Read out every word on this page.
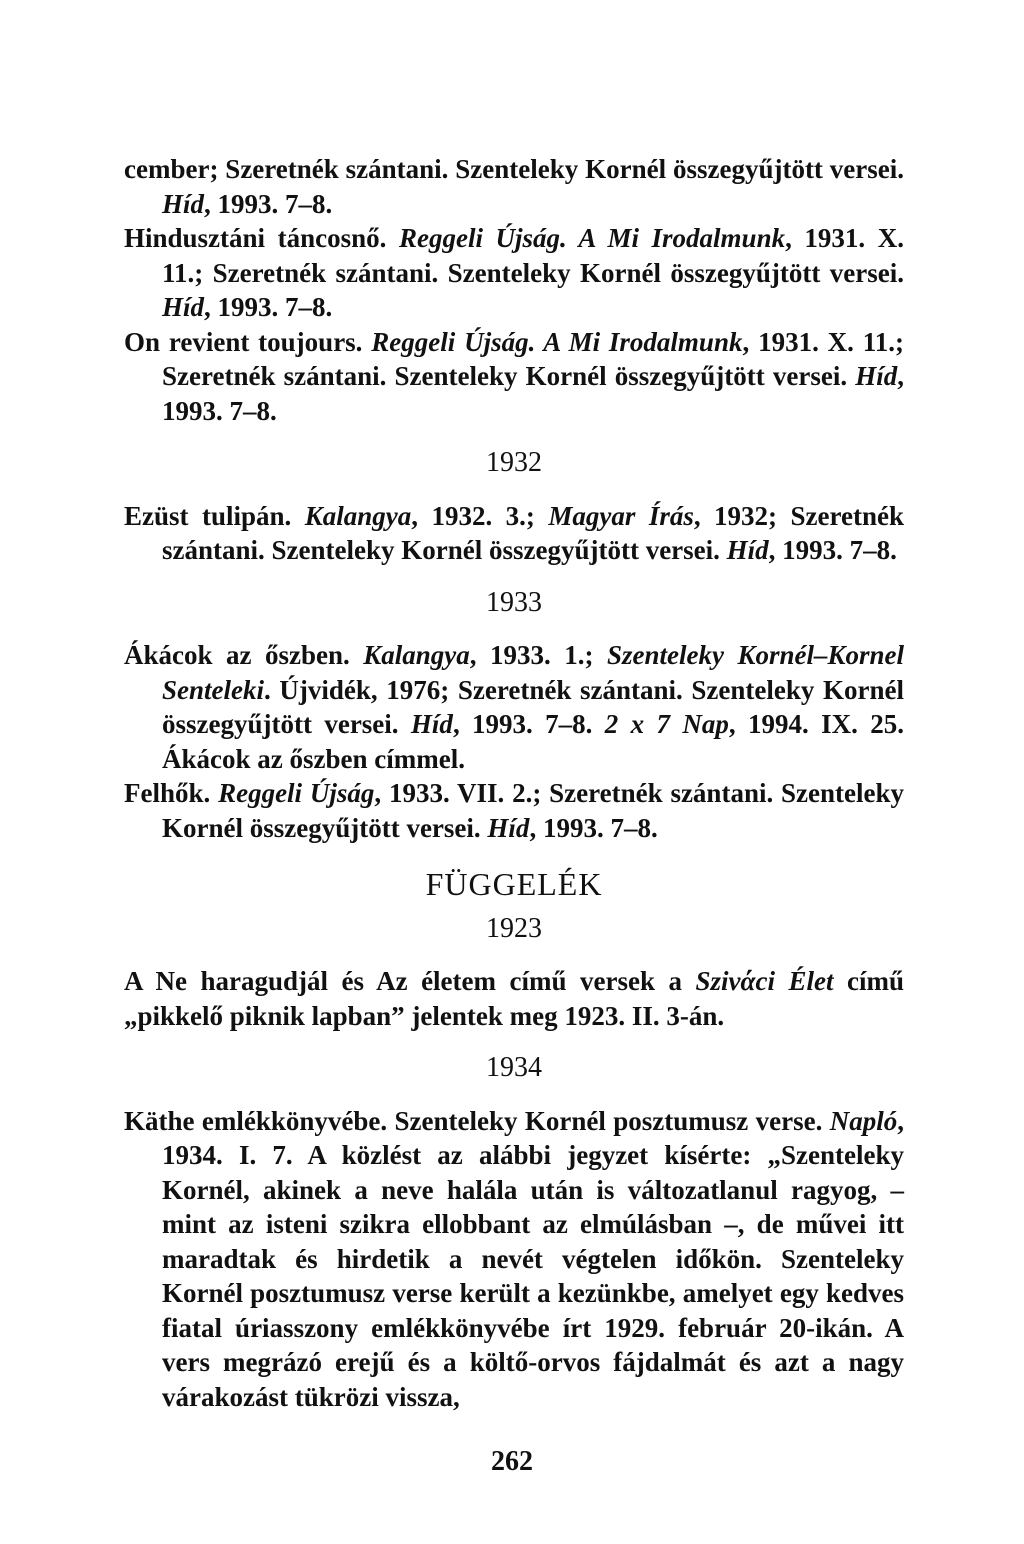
cember; Szeretnék szántani. Szenteleky Kornél összegyűjtött versei. Híd, 1993. 7–8.

Hindusztáni táncosnő. Reggeli Újság. A Mi Irodalmunk, 1931. X. 11.; Szeretnék szántani. Szenteleky Kornél összegyűjtött versei. Híd, 1993. 7–8.

On revient toujours. Reggeli Újság. A Mi Irodalmunk, 1931. X. 11.; Szeretnék szántani. Szenteleky Kornél összegyűjtött versei. Híd, 1993. 7–8.

1932

Ezüst tulipán. Kalangya, 1932. 3.; Magyar Írás, 1932; Szeretnék szántani. Szenteleky Kornél összegyűjtött versei. Híd, 1993. 7–8.

1933

Ákácok az őszben. Kalangya, 1933. 1.; Szenteleky Kornél–Kornel Senteleki. Újvidék, 1976; Szeretnék szántani. Szenteleky Kornél összegyűjtött versei. Híd, 1993. 7–8. 2 x 7 Nap, 1994. IX. 25. Ákácok az őszben címmel.

Felhők. Reggeli Újság, 1933. VII. 2.; Szeretnék szántani. Szenteleky Kornél összegyűjtött versei. Híd, 1993. 7–8.

FÜGGELÉK
1923

A Ne haragudjál és Az életem című versek a Szivάci Élet című „pikkelő piknik lapban” jelentek meg 1923. II. 3-án.

1934

Käthe emlékkönyvébe. Szenteleky Kornél posztumusz verse. Napló, 1934. I. 7. A közlést az alábbi jegyzet kísérte: „Szenteleky Kornél, akinek a neve halála után is változatlanul ragyog, – mint az isteni szikra ellobbant az elmúlásban –, de művei itt maradtak és hirdetik a nevét végtelen időkön. Szenteleky Kornél posztumusz verse került a kezünkbe, amelyet egy kedves fiatal úriasszony emlékkönyvébe írt 1929. február 20-ikán. A vers megrázó erejű és a költő-orvos fájdalmát és azt a nagy várakozást tükrözi vissza,

262
